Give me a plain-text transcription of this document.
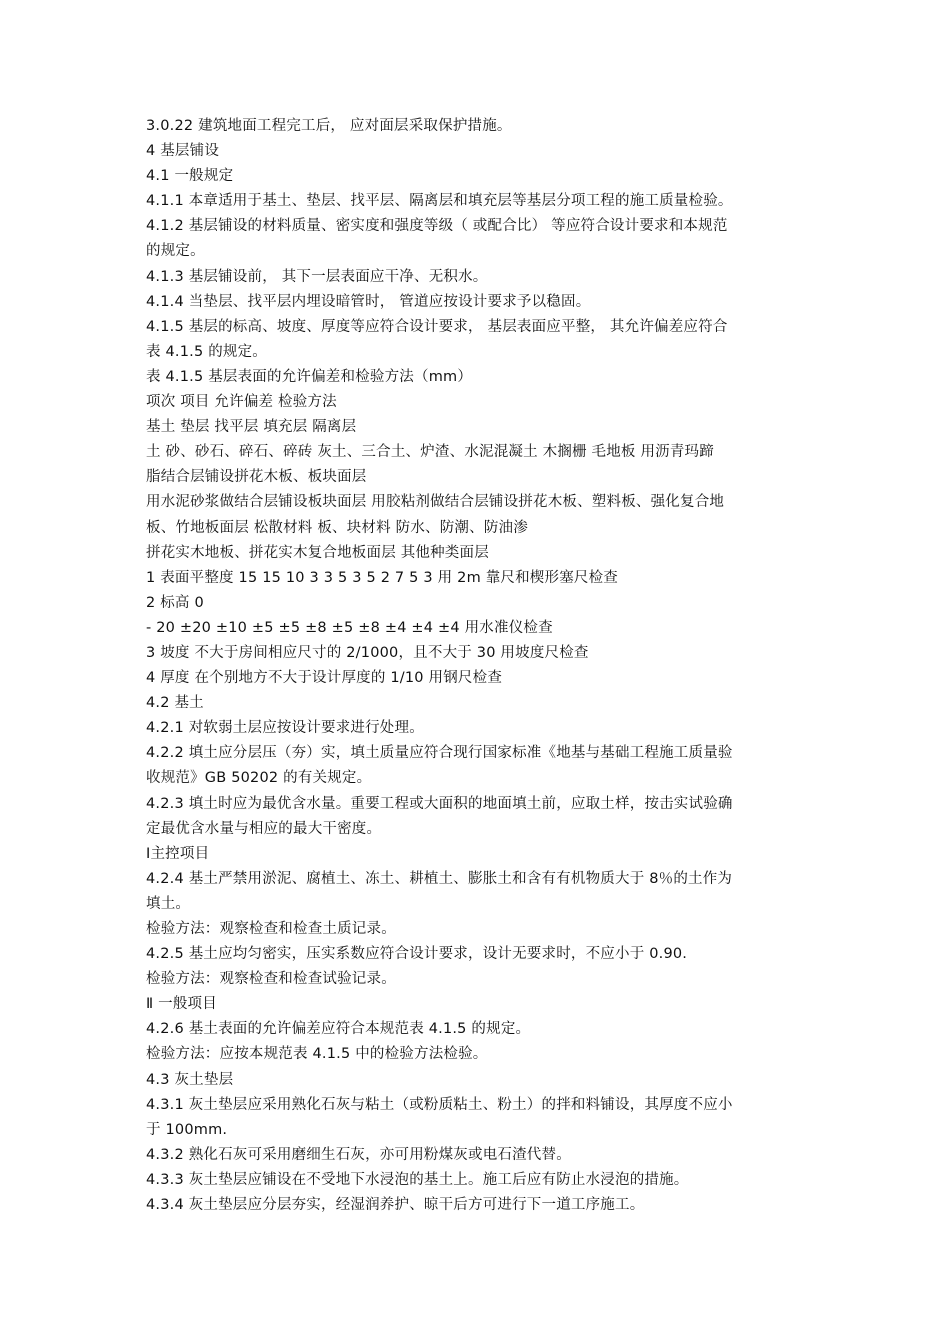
3.0.22 建筑地面工程完工后， 应对面层采取保护措施。
4 基层铺设
4.1 一般规定
4.1.1 本章适用于基土、垫层、找平层、隔离层和填充层等基层分项工程的施工质量检验。
4.1.2 基层铺设的材料质量、密实度和强度等级（ 或配合比） 等应符合设计要求和本规范
的规定。
4.1.3 基层铺设前， 其下一层表面应干净、无积水。
4.1.4 当垫层、找平层内埋设暗管时， 管道应按设计要求予以稳固。
4.1.5 基层的标高、坡度、厚度等应符合设计要求， 基层表面应平整， 其允许偏差应符合
表 4.1.5 的规定。
表 4.1.5 基层表面的允许偏差和检验方法（mm）
项次 项目 允许偏差 检验方法
基土 垫层 找平层 填充层 隔离层
土 砂、砂石、碎石、碎砖 灰土、三合土、炉渣、水泥混凝土 木搁栅 毛地板 用沥青玛蹄
脂结合层铺设拼花木板、板块面层
用水泥砂浆做结合层铺设板块面层 用胶粘剂做结合层铺设拼花木板、塑料板、强化复合地
板、竹地板面层 松散材料 板、块材料 防水、防潮、防油渗
拼花实木地板、拼花实木复合地板面层 其他种类面层
1 表面平整度 15 15 10 3 3 5 3 5 2 7 5 3 用 2m 靠尺和楔形塞尺检查
2 标高 0
- 20 ±20 ±10 ±5 ±5 ±8 ±5 ±8 ±4 ±4 ±4 用水准仪检查
3 坡度 不大于房间相应尺寸的 2/1000，且不大于 30 用坡度尺检查
4 厚度 在个别地方不大于设计厚度的 1/10 用钢尺检查
4.2 基土
4.2.1 对软弱土层应按设计要求进行处理。
4.2.2 填土应分层压（夯）实，填土质量应符合现行国家标准《地基与基础工程施工质量验
收规范》GB 50202 的有关规定。
4.2.3 填土时应为最优含水量。重要工程或大面积的地面填土前，应取土样，按击实试验确
定最优含水量与相应的最大干密度。
Ⅰ主控项目
4.2.4 基土严禁用淤泥、腐植土、冻土、耕植土、膨胀土和含有有机物质大于 8％的土作为
填土。
检验方法：观察检查和检查土质记录。
4.2.5 基土应均匀密实，压实系数应符合设计要求，设计无要求时，不应小于 0.90.
检验方法：观察检查和检查试验记录。
Ⅱ 一般项目
4.2.6 基土表面的允许偏差应符合本规范表 4.1.5 的规定。
检验方法：应按本规范表 4.1.5 中的检验方法检验。
4.3 灰土垫层
4.3.1 灰土垫层应采用熟化石灰与粘土（或粉质粘土、粉土）的拌和料铺设，其厚度不应小
于 100mm.
4.3.2 熟化石灰可采用磨细生石灰，亦可用粉煤灰或电石渣代替。
4.3.3 灰土垫层应铺设在不受地下水浸泡的基土上。施工后应有防止水浸泡的措施。
4.3.4 灰土垫层应分层夯实，经湿润养护、晾干后方可进行下一道工序施工。
